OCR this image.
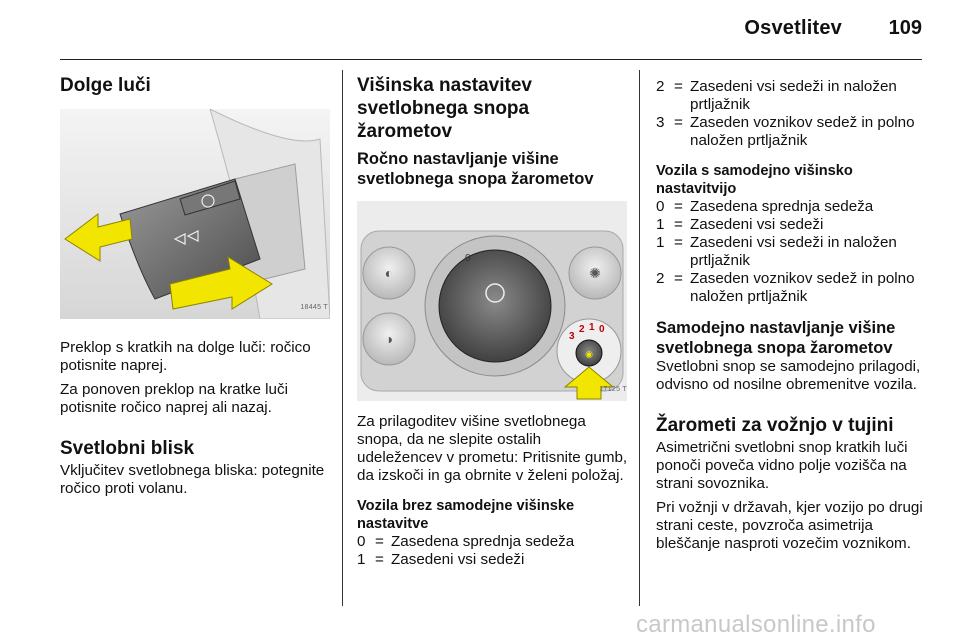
Osvetlitev 109
Dolge luči
18445 T

Preklop s kratkih na dolge luči: ročico potisnite naprej.

Za ponoven preklop na kratke luči potisnite ročico naprej ali nazaj.

Svetlobni blisk

Vključitev svetlobnega bliska: potegnite ročico proti volanu.

Višinska nastavitev svetlobnega snopa žarometov
Ročno nastavljanje višine svetlobnega snopa žarometov
◐
◑
✺
0
3
2 1 0
◉
17125 T

Za prilagoditev višine svetlobnega snopa, da ne slepite ostalih udeležencev v prometu: Pritisnite gumb, da izskoči in ga obrnite v želeni položaj.

Vozila brez samodejne višinske nastavitve
0 = Zasedena sprednja sedeža
1 = Zasedeni vsi sedeži
2 = Zasedeni vsi sedeži in naložen prtljažnik
3 = Zaseden voznikov sedež in polno naložen prtljažnik
Vozila s samodejno višinsko nastavitvijo
0 = Zasedena sprednja sedeža
1 = Zasedeni vsi sedeži
1 = Zasedeni vsi sedeži in naložen prtljažnik
2 = Zaseden voznikov sedež in polno naložen prtljažnik
Samodejno nastavljanje višine svetlobnega snopa žarometov

Svetlobni snop se samodejno prilagodi, odvisno od nosilne obremenitve vozila.

Žarometi za vožnjo v tujini

Asimetrični svetlobni snop kratkih luči ponoči poveča vidno polje vozišča na strani sovoznika.

Pri vožnji v državah, kjer vozijo po drugi strani ceste, povzroča asimetrija bleščanje nasproti vozečim voznikom.

carmanualsonline.info
